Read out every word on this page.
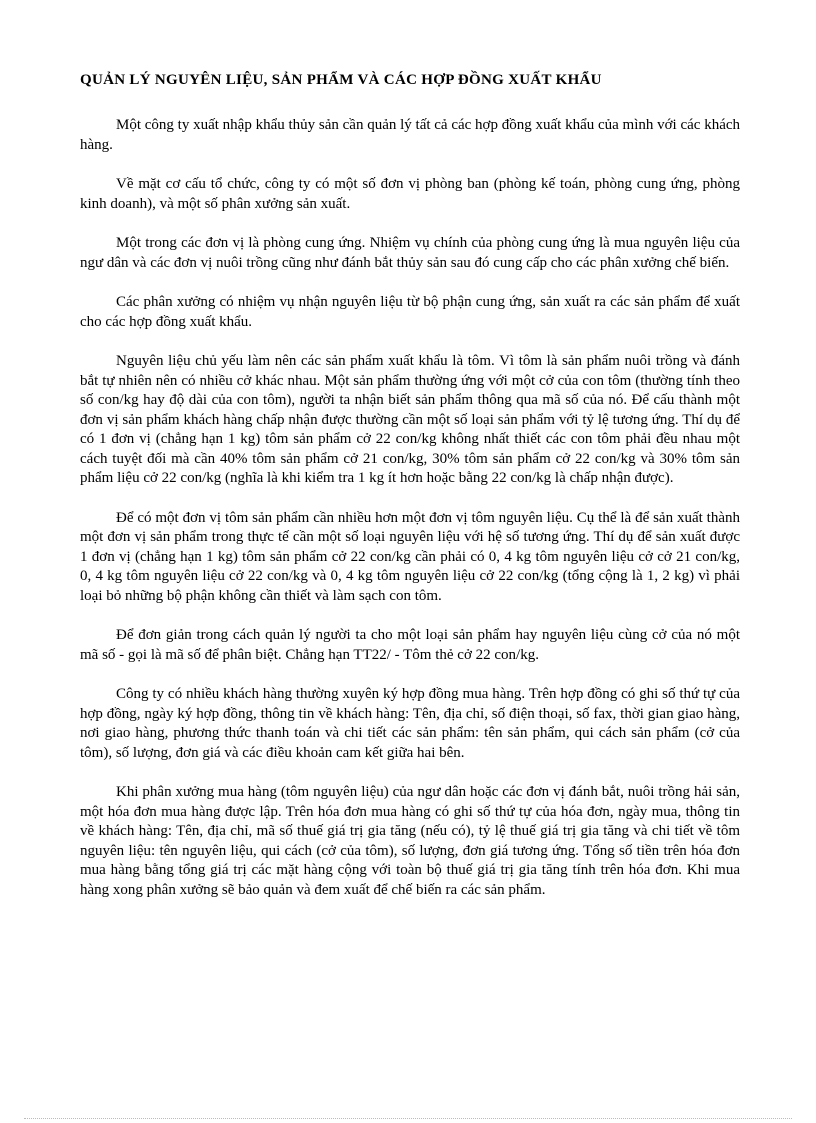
QUẢN LÝ NGUYÊN LIỆU, SẢN PHẨM VÀ CÁC HỢP ĐỒNG XUẤT KHẨU

Một công ty xuất nhập khẩu thủy sản cần quản lý tất cả các hợp đồng xuất khẩu của mình với các khách hàng.

Về mặt cơ cấu tổ chức, công ty có một số đơn vị phòng ban (phòng kế toán, phòng cung ứng, phòng kinh doanh), và một số phân xưởng sản xuất.

Một trong các đơn vị là phòng cung ứng. Nhiệm vụ chính của phòng cung ứng là mua nguyên liệu của ngư dân và các đơn vị nuôi trồng cũng như đánh bắt thủy sản sau đó cung cấp cho các phân xưởng chế biến.

Các phân xưởng có nhiệm vụ nhận nguyên liệu từ bộ phận cung ứng, sản xuất ra các sản phẩm để xuất cho các hợp đồng xuất khẩu.

Nguyên liệu chủ yếu làm nên các sản phẩm xuất khẩu là tôm. Vì tôm là sản phẩm nuôi trồng và đánh bắt tự nhiên nên có nhiều cở khác nhau. Một sản phẩm thường ứng với một cở của con tôm (thường tính theo số con/kg hay độ dài của con tôm), người ta nhận biết sản phẩm thông qua mã số của nó. Để cấu thành một đơn vị sản phẩm khách hàng chấp nhận được thường cần một số loại sản phẩm với tỷ lệ tương ứng. Thí dụ để có 1 đơn vị (chẳng hạn 1 kg) tôm sản phẩm cở 22 con/kg không nhất thiết các con tôm phải đều nhau một cách tuyệt đối mà cần 40% tôm sản phẩm cở 21 con/kg, 30% tôm sản phẩm cở 22 con/kg và 30% tôm sản phẩm liệu cở 22 con/kg (nghĩa là khi kiểm tra 1 kg ít hơn hoặc bằng 22 con/kg là chấp nhận được).

Để có một đơn vị tôm sản phẩm cần nhiều hơn một đơn vị tôm nguyên liệu. Cụ thể là để sản xuất thành một đơn vị sản phẩm trong thực tế cần một số loại nguyên liệu với hệ số tương ứng. Thí dụ để sản xuất được 1 đơn vị (chẳng hạn 1 kg) tôm sản phẩm cở 22 con/kg cần phải có 0, 4 kg tôm nguyên liệu cở cở 21 con/kg, 0, 4 kg tôm nguyên liệu cở 22 con/kg và 0, 4 kg tôm nguyên liệu cở 22 con/kg (tổng cộng là 1, 2 kg) vì phải loại bỏ những bộ phận không cần thiết và làm sạch con tôm.

Để đơn giản trong cách quản lý người ta cho một loại sản phẩm hay nguyên liệu cùng cở của nó một mã số - gọi là mã số để phân biệt. Chẳng hạn TT22/ - Tôm thẻ cở 22 con/kg.

Công ty có nhiều khách hàng thường xuyên ký hợp đồng mua hàng. Trên hợp đồng có ghi số thứ tự của hợp đồng, ngày ký hợp đồng, thông tin về khách hàng: Tên, địa chỉ, số điện thoại, số fax, thời gian giao hàng, nơi giao hàng, phương thức thanh toán và chi tiết các sản phẩm: tên sản phẩm, qui cách sản phẩm (cở của tôm), số lượng, đơn giá và các điều khoản cam kết giữa hai bên.

Khi phân xưởng mua hàng (tôm nguyên liệu) của ngư dân hoặc các đơn vị đánh bắt, nuôi trồng hải sản, một hóa đơn mua hàng được lập. Trên hóa đơn mua hàng có ghi số thứ tự của hóa đơn, ngày mua, thông tin về khách hàng: Tên, địa chỉ, mã số thuế giá trị gia tăng (nếu có), tỷ lệ thuế giá trị gia tăng và chi tiết về tôm nguyên liệu: tên nguyên liệu, qui cách (cở của tôm), số lượng, đơn giá tương ứng. Tổng số tiền trên hóa đơn mua hàng bằng tổng giá trị các mặt hàng cộng với toàn bộ thuế giá trị gia tăng tính trên hóa đơn. Khi mua hàng xong phân xưởng sẽ bảo quản và đem xuất để chế biến ra các sản phẩm.
